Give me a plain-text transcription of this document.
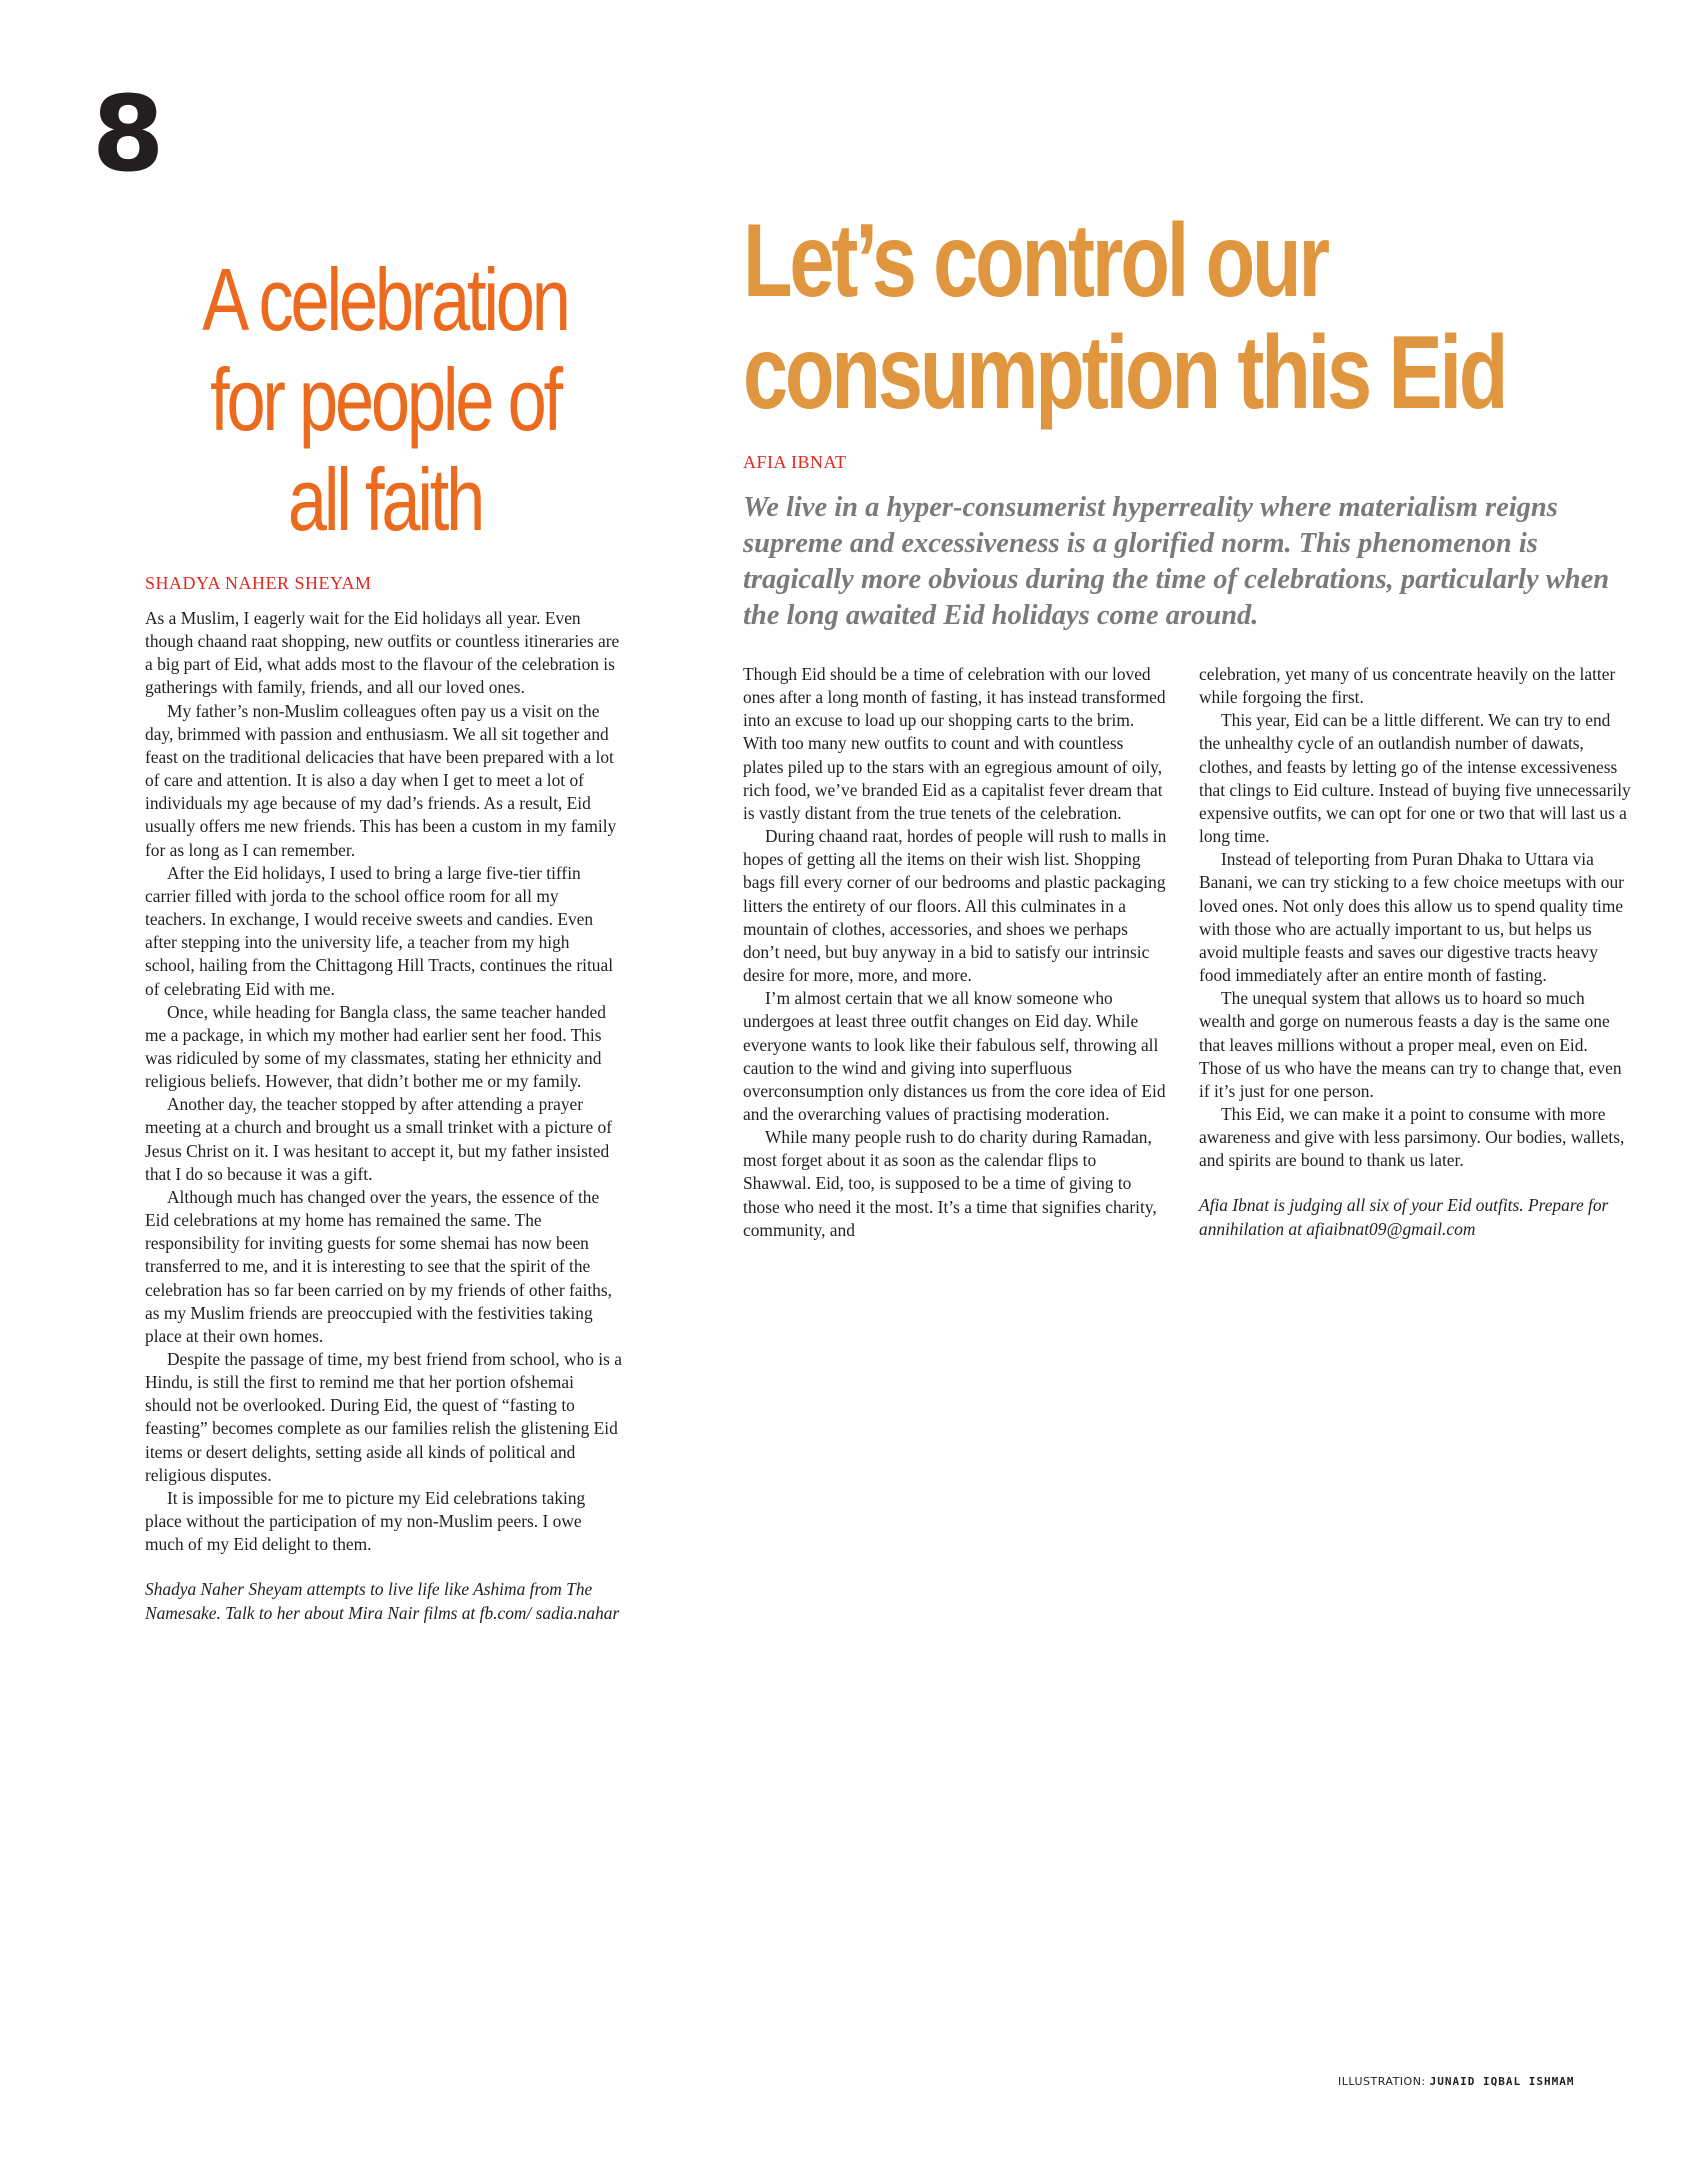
8
A celebration
for people of
all faith
SHADYA NAHER SHEYAM

As a Muslim, I eagerly wait for the Eid holidays all year. Even though chaand raat shopping, new outfits or countless itineraries are a big part of Eid, what adds most to the flavour of the celebration is gatherings with family, friends, and all our loved ones.

My father’s non-Muslim colleagues often pay us a visit on the day, brimmed with passion and enthusiasm. We all sit together and feast on the traditional delicacies that have been prepared with a lot of care and attention. It is also a day when I get to meet a lot of individuals my age because of my dad’s friends. As a result, Eid usually offers me new friends. This has been a custom in my family for as long as I can remember.

After the Eid holidays, I used to bring a large five-tier tiffin carrier filled with jorda to the school office room for all my teachers. In exchange, I would receive sweets and candies. Even after stepping into the university life, a teacher from my high school, hailing from the Chittagong Hill Tracts, continues the ritual of celebrating Eid with me.

Once, while heading for Bangla class, the same teacher handed me a package, in which my mother had earlier sent her food. This was ridiculed by some of my classmates, stating her ethnicity and religious beliefs. However, that didn’t bother me or my family.

Another day, the teacher stopped by after attending a prayer meeting at a church and brought us a small trinket with a picture of Jesus Christ on it. I was hesitant to accept it, but my father insisted that I do so because it was a gift.

Although much has changed over the years, the essence of the Eid celebrations at my home has remained the same. The responsibility for inviting guests for some shemai has now been transferred to me, and it is interesting to see that the spirit of the celebration has so far been carried on by my friends of other faiths, as my Muslim friends are preoccupied with the festivities taking place at their own homes.

Despite the passage of time, my best friend from school, who is a Hindu, is still the first to remind me that her portion ofshemai should not be overlooked. During Eid, the quest of “fasting to feasting” becomes complete as our families relish the glistening Eid items or desert delights, setting aside all kinds of political and religious disputes.

It is impossible for me to picture my Eid celebrations taking place without the participation of my non-Muslim peers. I owe much of my Eid delight to them.

Shadya Naher Sheyam attempts to live life like Ashima from The Namesake. Talk to her about Mira Nair films at fb.com/ sadia.nahar

Let’s control our
consumption this Eid
AFIA IBNAT
We live in a hyper-consumerist hyperreality where materialism reigns supreme and excessiveness is a glorified norm. This phenomenon is tragically more obvious during the time of celebrations, particularly when the long awaited Eid holidays come around.

Though Eid should be a time of celebration with our loved ones after a long month of fasting, it has instead transformed into an excuse to load up our shopping carts to the brim. With too many new outfits to count and with countless plates piled up to the stars with an egregious amount of oily, rich food, we’ve branded Eid as a capitalist fever dream that is vastly distant from the true tenets of the celebration.

During chaand raat, hordes of people will rush to malls in hopes of getting all the items on their wish list. Shopping bags fill every corner of our bedrooms and plastic packaging litters the entirety of our floors. All this culminates in a mountain of clothes, accessories, and shoes we perhaps don’t need, but buy anyway in a bid to satisfy our intrinsic desire for more, more, and more.

I’m almost certain that we all know someone who undergoes at least three outfit changes on Eid day. While everyone wants to look like their fabulous self, throwing all caution to the wind and giving into superfluous overconsumption only distances us from the core idea of Eid and the overarching values of practising moderation.

While many people rush to do charity during Ramadan, most forget about it as soon as the calendar flips to Shawwal. Eid, too, is supposed to be a time of giving to those who need it the most. It’s a time that signifies charity, community, and

celebration, yet many of us concentrate heavily on the latter while forgoing the first.

This year, Eid can be a little different. We can try to end the unhealthy cycle of an outlandish number of dawats, clothes, and feasts by letting go of the intense excessiveness that clings to Eid culture. Instead of buying five unnecessarily expensive outfits, we can opt for one or two that will last us a long time.

Instead of teleporting from Puran Dhaka to Uttara via Banani, we can try sticking to a few choice meetups with our loved ones. Not only does this allow us to spend quality time with those who are actually important to us, but helps us avoid multiple feasts and saves our digestive tracts heavy food immediately after an entire month of fasting.

The unequal system that allows us to hoard so much wealth and gorge on numerous feasts a day is the same one that leaves millions without a proper meal, even on Eid. Those of us who have the means can try to change that, even if it’s just for one person.

This Eid, we can make it a point to consume with more awareness and give with less parsimony. Our bodies, wallets, and spirits are bound to thank us later.

Afia Ibnat is judging all six of your Eid outfits. Prepare for annihilation at afiaibnat09@gmail.com

ILLUSTRATION: JUNAID IQBAL ISHMAM
